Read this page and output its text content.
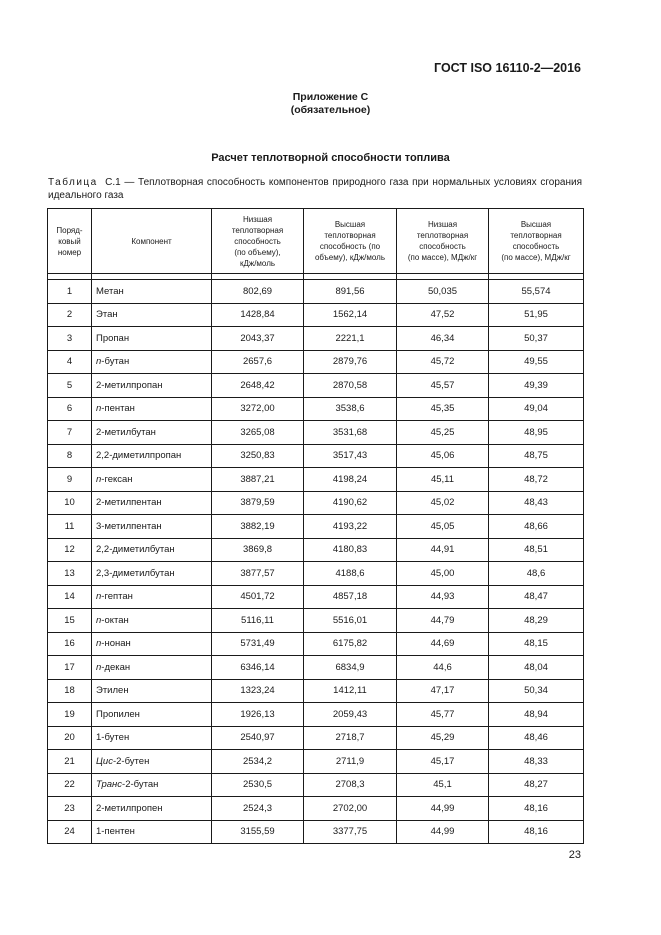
ГОСТ ISO 16110-2—2016
Приложение С
(обязательное)
Расчет теплотворной способности топлива
Таблица С.1 — Теплотворная способность компонентов природного газа при нормальных условиях сгорания идеального газа
Поряд-
ковый
номер	Компонент	Низшая
теплотворная
способность
(по объему),
кДж/моль	Высшая
теплотворная
способность (по
объему), кДж/моль	Низшая
теплотворная
способность
(по массе), МДж/кг	Высшая
теплотворная
способность
(по массе), МДж/кг

1	Метан	802,69	891,56	50,035	55,574
2	Этан	1428,84	1562,14	47,52	51,95
3	Пропан	2043,37	2221,1	46,34	50,37
4	n-бутан	2657,6	2879,76	45,72	49,55
5	2-метилпропан	2648,42	2870,58	45,57	49,39
6	n-пентан	3272,00	3538,6	45,35	49,04
7	2-метилбутан	3265,08	3531,68	45,25	48,95
8	2,2-диметилпропан	3250,83	3517,43	45,06	48,75
9	n-гексан	3887,21	4198,24	45,11	48,72
10	2-метилпентан	3879,59	4190,62	45,02	48,43
11	3-метилпентан	3882,19	4193,22	45,05	48,66
12	2,2-диметилбутан	3869,8	4180,83	44,91	48,51
13	2,3-диметилбутан	3877,57	4188,6	45,00	48,6
14	n-гептан	4501,72	4857,18	44,93	48,47
15	n-октан	5116,11	5516,01	44,79	48,29
16	n-нонан	5731,49	6175,82	44,69	48,15
17	n-декан	6346,14	6834,9	44,6	48,04
18	Этилен	1323,24	1412,11	47,17	50,34
19	Пропилен	1926,13	2059,43	45,77	48,94
20	1-бутен	2540,97	2718,7	45,29	48,46
21	Цис-2-бутен	2534,2	2711,9	45,17	48,33
22	Транс-2-бутан	2530,5	2708,3	45,1	48,27
23	2-метилпропен	2524,3	2702,00	44,99	48,16
24	1-пентен	3155,59	3377,75	44,99	48,16
23
